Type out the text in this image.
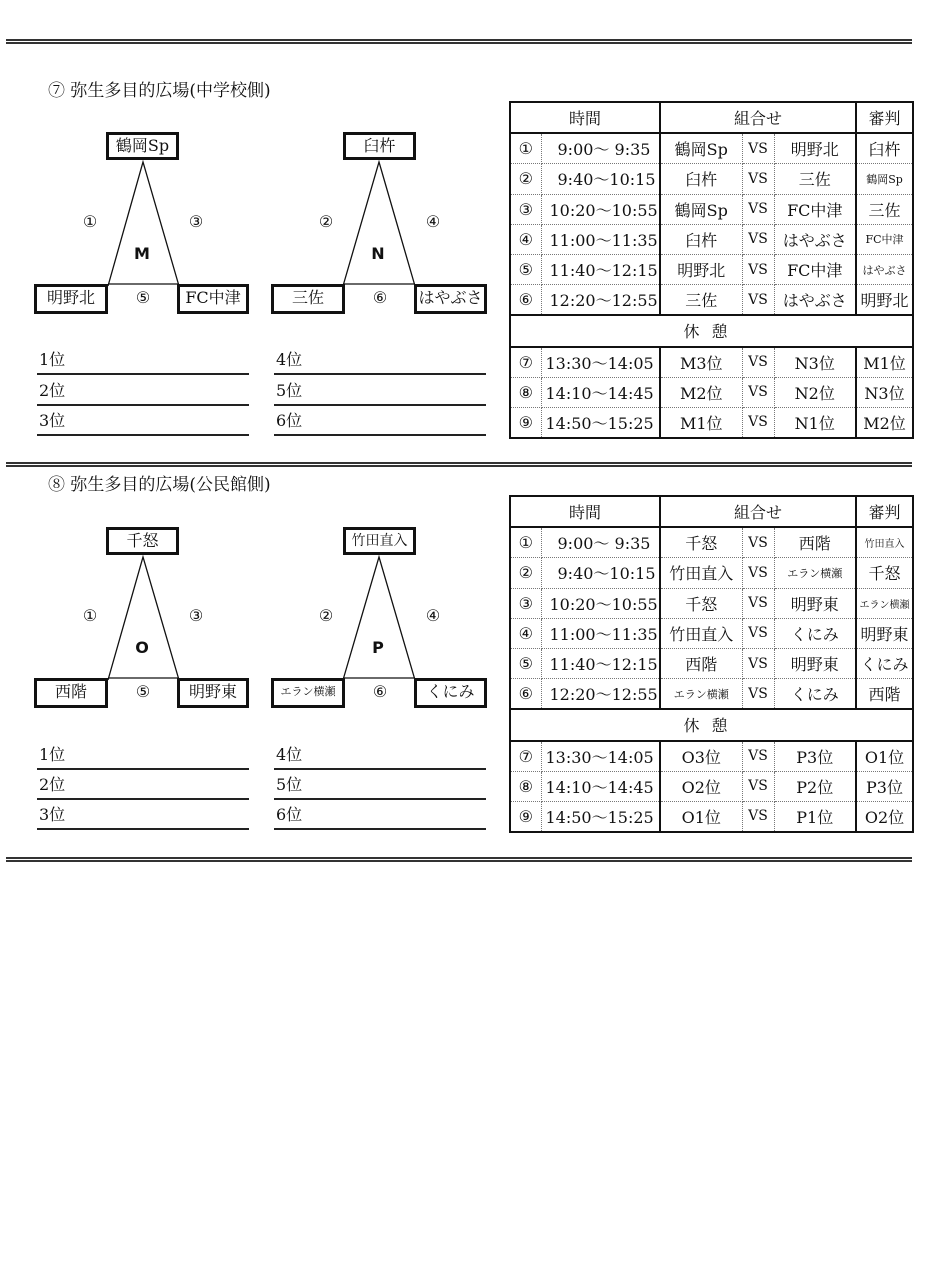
⑦ 弥生多目的広場(中学校側)
鶴岡Sp
明野北	FC中津
①	③
⑤
M
臼杵
三佐	はやぶさ
②	④
⑥
N
1位
2位
3位
4位
5位
6位
時間		組合せ			審判
①	9:00〜 9:35	鶴岡Sp	VS	明野北	臼杵
②	9:40〜10:15	臼杵	VS	三佐	鶴岡Sp
③	10:20〜10:55	鶴岡Sp	VS	FC中津	三佐
④	11:00〜11:35	臼杵	VS	はやぶさ	FC中津
⑤	11:40〜12:15	明野北	VS	FC中津	はやぶさ
⑥	12:20〜12:55	三佐	VS	はやぶさ	明野北
休憩					
⑦	13:30〜14:05	M3位	VS	N3位	M1位
⑧	14:10〜14:45	M2位	VS	N2位	N3位
⑨	14:50〜15:25	M1位	VS	N1位	M2位
⑧ 弥生多目的広場(公民館側)
千怒
西階	明野東
①	③
⑤
O
竹田直入
エラン横瀬	くにみ
②	④
⑥
P
1位
2位
3位
4位
5位
6位
時間		組合せ			審判
①	9:00〜 9:35	千怒	VS	西階	竹田直入
②	9:40〜10:15	竹田直入	VS	エラン横瀬	千怒
③	10:20〜10:55	千怒	VS	明野東	エラン横瀬
④	11:00〜11:35	竹田直入	VS	くにみ	明野東
⑤	11:40〜12:15	西階	VS	明野東	くにみ
⑥	12:20〜12:55	エラン横瀬	VS	くにみ	西階
休憩					
⑦	13:30〜14:05	O3位	VS	P3位	O1位
⑧	14:10〜14:45	O2位	VS	P2位	P3位
⑨	14:50〜15:25	O1位	VS	P1位	O2位
